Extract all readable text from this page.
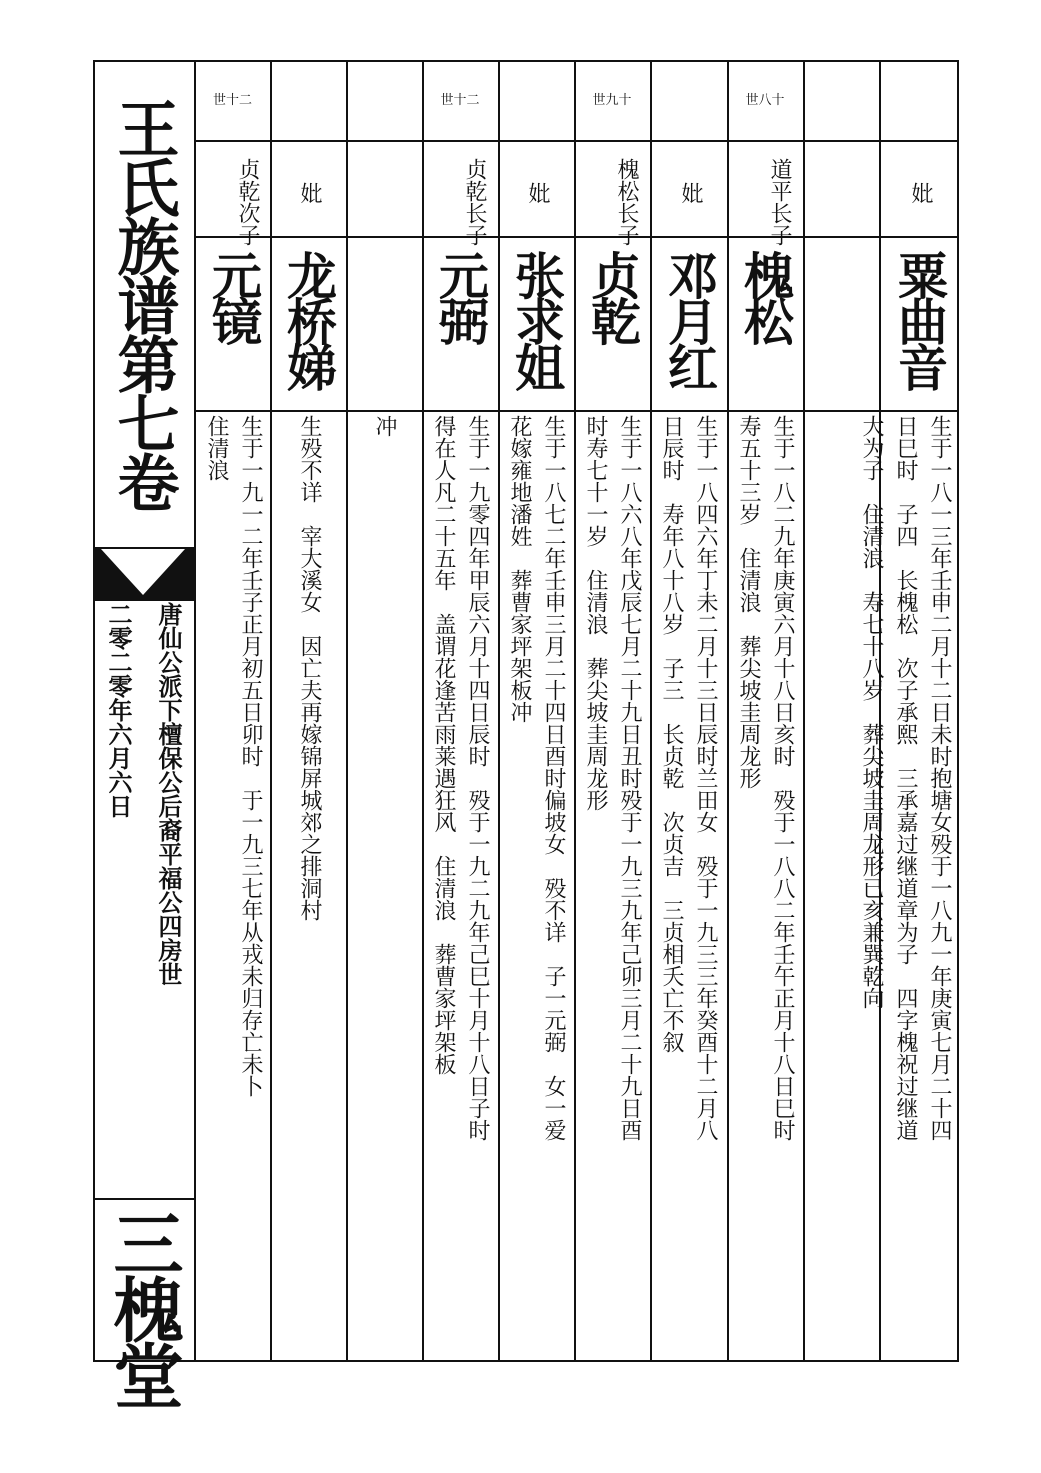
王氏族谱第七卷
唐仙公派下檀保公后裔平福公四房世
二零二零年六月六日
三槐堂
世八十
道平长子
槐松
生于一八二九年庚寅六月十八日亥时　殁于一八八二年壬午正月十八日巳时
寿五十三岁　住清浪　葬尖坡圭周龙形
妣
粟曲音
生于一八一三年壬申二月十二日未时抱塘女殁于一八九一年庚寅七月二十四
日巳时　子四　长槐松　次子承熙　三承嘉过继道章为子　四字槐祝过继道
大为子　住清浪　寿七十八岁　葬尖坡圭周龙形已亥兼巽乾向
世九十
槐松长子
贞乾
生于一八六八年戊辰七月二十九日丑时殁于一九三九年己卯三月二十九日酉
时寿七十一岁　住清浪　葬尖坡圭周龙形
妣
邓月红
生于一八四六年丁未二月十三日辰时兰田女　殁于一九三三年癸酉十二月八
日辰时　寿年八十八岁　子三　长贞乾　次贞吉　三贞相夭亡不叙
世十二
贞乾长子
元弼
生于一九零四年甲辰六月十四日辰时　殁于一九二九年己巳十月十八日子时
得在人凡二十五年　盖谓花逢苦雨莱遇狂风　住清浪　葬曹家坪架板
妣
张求姐
生于一八七二年壬申三月二十四日酉时偏坡女　殁不详　子一元弼　女一爱
花嫁雍地潘姓　葬曹家坪架板冲
世十二
贞乾次子
元镜
生于一九一二年壬子正月初五日卯时　于一九三七年从戎未归存亡未卜
住清浪
妣
龙桥娣
生殁不详　宰大溪女　因亡夫再嫁锦屏城郊之排洞村 冲
